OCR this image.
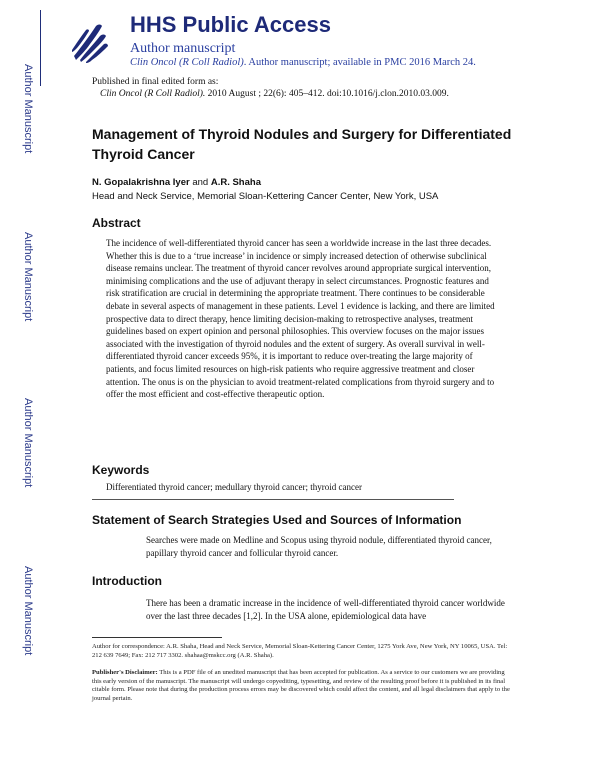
Author Manuscript
Author Manuscript
Author Manuscript
Author Manuscript
HHS Public Access
Author manuscript
Clin Oncol (R Coll Radiol). Author manuscript; available in PMC 2016 March 24.
Published in final edited form as:
Clin Oncol (R Coll Radiol). 2010 August ; 22(6): 405–412. doi:10.1016/j.clon.2010.03.009.
Management of Thyroid Nodules and Surgery for Differentiated Thyroid Cancer
N. Gopalakrishna Iyer and A.R. Shaha
Head and Neck Service, Memorial Sloan-Kettering Cancer Center, New York, USA
Abstract
The incidence of well-differentiated thyroid cancer has seen a worldwide increase in the last three decades. Whether this is due to a ‘true increase’ in incidence or simply increased detection of otherwise subclinical disease remains unclear. The treatment of thyroid cancer revolves around appropriate surgical intervention, minimising complications and the use of adjuvant therapy in select circumstances. Prognostic features and risk stratification are crucial in determining the appropriate treatment. There continues to be considerable debate in several aspects of management in these patients. Level 1 evidence is lacking, and there are limited prospective data to direct therapy, hence limiting decision-making to retrospective analyses, treatment guidelines based on expert opinion and personal philosophies. This overview focuses on the major issues associated with the investigation of thyroid nodules and the extent of surgery. As overall survival in well-differentiated thyroid cancer exceeds 95%, it is important to reduce over-treating the large majority of patients, and focus limited resources on high-risk patients who require aggressive treatment and closer attention. The onus is on the physician to avoid treatment-related complications from thyroid surgery and to offer the most efficient and cost-effective therapeutic option.
Keywords
Differentiated thyroid cancer; medullary thyroid cancer; thyroid cancer
Statement of Search Strategies Used and Sources of Information
Searches were made on Medline and Scopus using thyroid nodule, differentiated thyroid cancer, papillary thyroid cancer and follicular thyroid cancer.
Introduction
There has been a dramatic increase in the incidence of well-differentiated thyroid cancer worldwide over the last three decades [1,2]. In the USA alone, epidemiological data have
Author for correspondence: A.R. Shaha, Head and Neck Service, Memorial Sloan-Kettering Cancer Center, 1275 York Ave, New York, NY 10065, USA. Tel: 212 639 7649; Fax: 212 717 3302. shahaa@mskcc.org (A.R. Shaha).
Publisher's Disclaimer: This is a PDF file of an unedited manuscript that has been accepted for publication. As a service to our customers we are providing this early version of the manuscript. The manuscript will undergo copyediting, typesetting, and review of the resulting proof before it is published in its final citable form. Please note that during the production process errors may be discovered which could affect the content, and all legal disclaimers that apply to the journal pertain.
